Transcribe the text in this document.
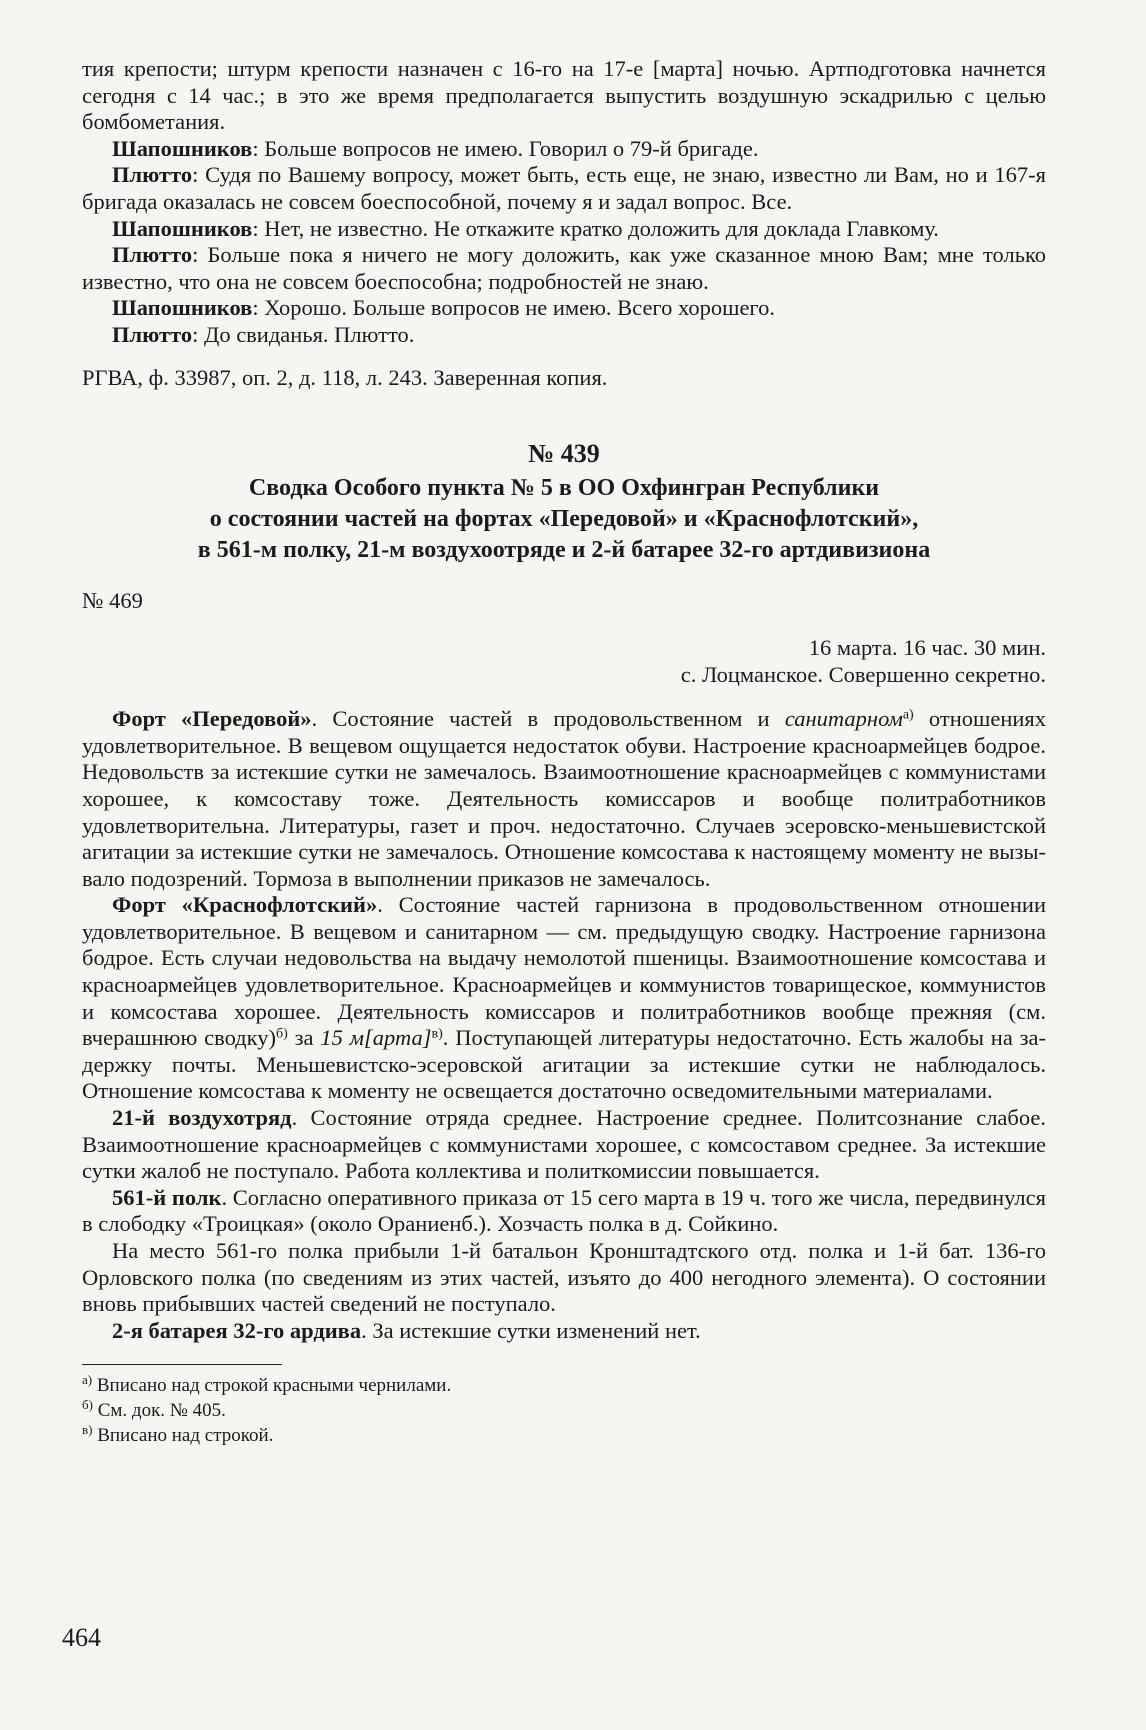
тия крепости; штурм крепости назначен с 16-го на 17-е [марта] ночью. Артподготовка начнется сегодня с 14 час.; в это же время предполагается выпустить воздушную эскадрилью с целью бомбометания.

Шапошников: Больше вопросов не имею. Говорил о 79-й бригаде.

Плютто: Судя по Вашему вопросу, может быть, есть еще, не знаю, известно ли Вам, но и 167-я бригада оказалась не совсем боеспособной, почему я и задал вопрос. Все.

Шапошников: Нет, не известно. Не откажите кратко доложить для доклада Главкому.

Плютто: Больше пока я ничего не могу доложить, как уже сказанное мною Вам; мне только известно, что она не совсем боеспособна; подробностей не знаю.

Шапошников: Хорошо. Больше вопросов не имею. Всего хорошего.

Плютто: До свиданья. Плютто.

РГВА, ф. 33987, оп. 2, д. 118, л. 243. Заверенная копия.

№ 439

Сводка Особого пункта № 5 в ОО Охфингран Республики

о состоянии частей на фортах «Передовой» и «Краснофлотский»,

в 561-м полку, 21-м воздухоотряде и 2-й батарее 32-го артдивизиона

№ 469

16 марта. 16 час. 30 мин.

с. Лоцманское. Совершенно секретно.

Форт «Передовой». Состояние частей в продовольственном и санитарном$^{а)}$ отношениях удовлетворительное. В вещевом ощущается недостаток обуви. Настроение красноармейцев бодрое. Недовольств за истекшие сутки не замечалось. Взаимоотношение красноармейцев с коммунистами хорошее, к комсоставу тоже. Деятельность комиссаров и вообще политработников удовлетворительна. Литературы, газет и проч. недостаточно. Случаев эсеровско-меньшевистской агитации за истекшие сутки не замечалось. Отношение комсостава к настоящему моменту не вызывало подозрений. Тормоза в выполнении приказов не замечалось.

Форт «Краснофлотский». Состояние частей гарнизона в продовольственном отношении удовлетворительное. В вещевом и санитарном — см. предыдущую сводку. Настроение гарнизона бодрое. Есть случаи недовольства на выдачу немолотой пшеницы. Взаимоотношение комсостава и красноармейцев удовлетворительное. Красноармейцев и коммунистов товарищеское, коммунистов и комсостава хорошее. Деятельность комиссаров и политработников вообще прежняя (см. вчерашнюю сводку)$^{б)}$ за 15 м[арта]$^{в)}$. Поступающей литературы недостаточно. Есть жалобы на задержку почты. Меньшевистско-эсеровской агитации за истекшие сутки не наблюдалось. Отношение комсостава к моменту не освещается достаточно осведомительными материалами.

21-й воздухотряд. Состояние отряда среднее. Настроение среднее. Политсознание слабое. Взаимоотношение красноармейцев с коммунистами хорошее, с комсоставом среднее. За истекшие сутки жалоб не поступало. Работа коллектива и политкомиссии повышается.

561-й полк. Согласно оперативного приказа от 15 сего марта в 19 ч. того же числа, передвинулся в слободку «Троицкая» (около Ораниенб.). Хозчасть полка в д. Сойкино.

На место 561-го полка прибыли 1-й батальон Кронштадтского отд. полка и 1-й бат. 136-го Орловского полка (по сведениям из этих частей, изъято до 400 негодного элемента). О состоянии вновь прибывших частей сведений не поступало.

2-я батарея 32-го ардива. За истекшие сутки изменений нет.

$^{а)}$ Вписано над строкой красными чернилами.

$^{б)}$ См. док. № 405.

$^{в)}$ Вписано над строкой.

464
